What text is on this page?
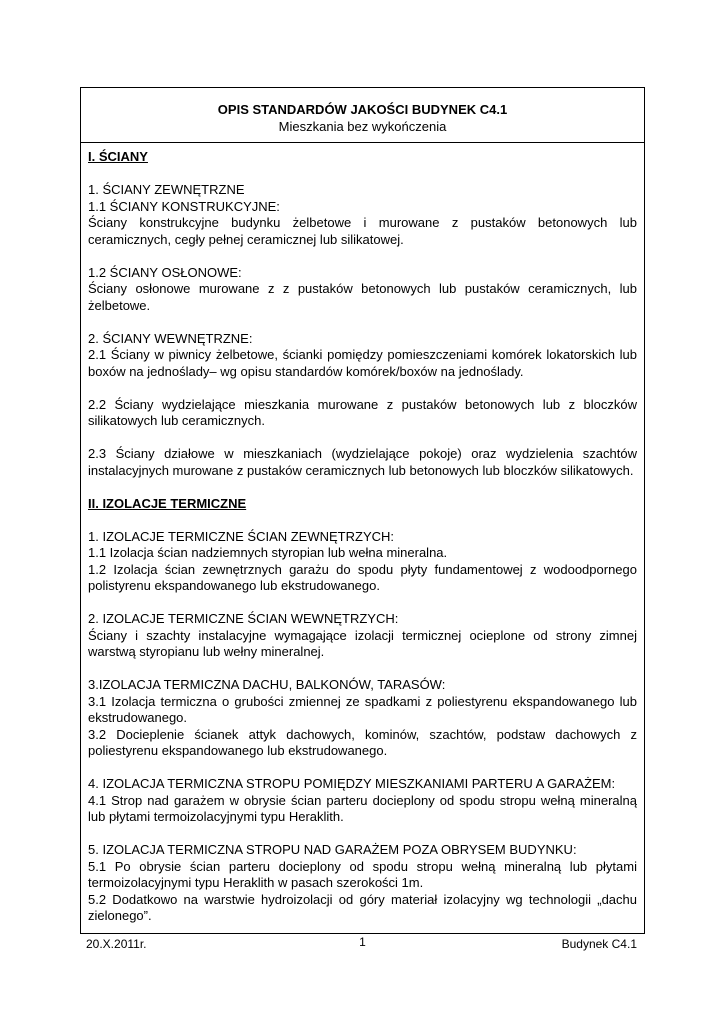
OPIS STANDARDÓW JAKOŚCI BUDYNEK C4.1
Mieszkania bez wykończenia

I. ŚCIANY

1. ŚCIANY ZEWNĘTRZNE

1.1 ŚCIANY KONSTRUKCYJNE:

Ściany konstrukcyjne budynku żelbetowe i murowane z pustaków betonowych lub ceramicznych, cegły pełnej ceramicznej lub silikatowej.

1.2 ŚCIANY OSŁONOWE:

Ściany osłonowe murowane z z pustaków betonowych lub pustaków ceramicznych, lub żelbetowe.

2. ŚCIANY WEWNĘTRZNE:

2.1 Ściany w piwnicy żelbetowe, ścianki pomiędzy pomieszczeniami komórek lokatorskich lub boxów na jednoślady– wg opisu standardów komórek/boxów na jednoślady.

2.2 Ściany wydzielające mieszkania murowane z pustaków betonowych lub z bloczków silikatowych lub ceramicznych.

2.3 Ściany działowe w mieszkaniach (wydzielające pokoje) oraz wydzielenia szachtów instalacyjnych murowane z pustaków ceramicznych lub betonowych lub bloczków silikatowych.

II. IZOLACJE TERMICZNE

1. IZOLACJE TERMICZNE ŚCIAN ZEWNĘTRZYCH:

1.1 Izolacja ścian nadziemnych styropian lub wełna mineralna.

1.2 Izolacja ścian zewnętrznych garażu do spodu płyty fundamentowej z wodoodpornego polistyrenu ekspandowanego lub ekstrudowanego.

2. IZOLACJE TERMICZNE ŚCIAN WEWNĘTRZYCH:

Ściany i szachty instalacyjne wymagające izolacji termicznej ocieplone od strony zimnej warstwą styropianu lub wełny mineralnej.

3.IZOLACJA TERMICZNA DACHU, BALKONÓW, TARASÓW:

3.1 Izolacja termiczna o grubości zmiennej ze spadkami z poliestyrenu ekspandowanego lub ekstrudowanego.

3.2 Docieplenie ścianek attyk dachowych, kominów, szachtów, podstaw dachowych z poliestyrenu ekspandowanego lub ekstrudowanego.

4. IZOLACJA TERMICZNA STROPU POMIĘDZY MIESZKANIAMI PARTERU A GARAŻEM:

4.1 Strop nad garażem w obrysie ścian parteru docieplony od spodu stropu wełną mineralną lub płytami termoizolacyjnymi typu Heraklith.

5. IZOLACJA TERMICZNA STROPU NAD GARAŻEM POZA OBRYSEM BUDYNKU:

5.1 Po obrysie ścian parteru docieplony od spodu stropu wełną mineralną lub płytami termoizolacyjnymi typu Heraklith w pasach szerokości 1m.

5.2 Dodatkowo na warstwie hydroizolacji od góry materiał izolacyjny wg technologii „dachu zielonego”.

20.X.2011r.	1	Budynek C4.1
